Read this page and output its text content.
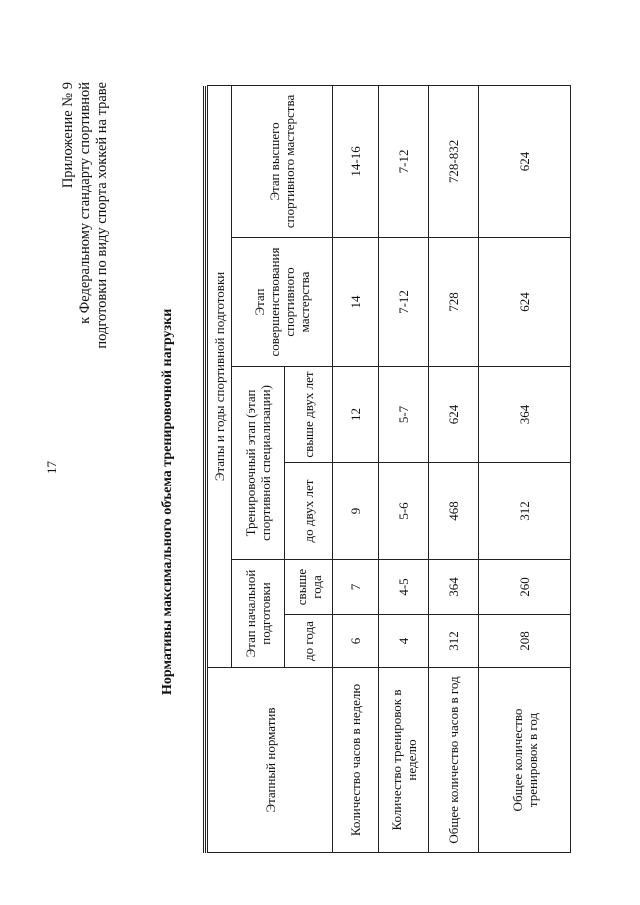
17
Приложение № 9 к Федеральному стандарту спортивной подготовки по виду спорта хоккей на траве
Нормативы максимального объема тренировочной нагрузки
Этапный норматив	Этапы и годы спортивной подготовки					
	Этап начальной подготовки		Тренировочный этап (этап спортивной специализации)		Этап совершенствования спортивного мастерства	Этап высшего спортивного мастерства
	до года	свыше года	до двух лет	свыше двух лет		
Количество часов в неделю	6	7	9	12	14	14-16
Количество тренировок в неделю	4	4-5	5-6	5-7	7-12	7-12
Общее количество часов в год	312	364	468	624	728	728-832
Общее количество тренировок в год	208	260	312	364	624	624
